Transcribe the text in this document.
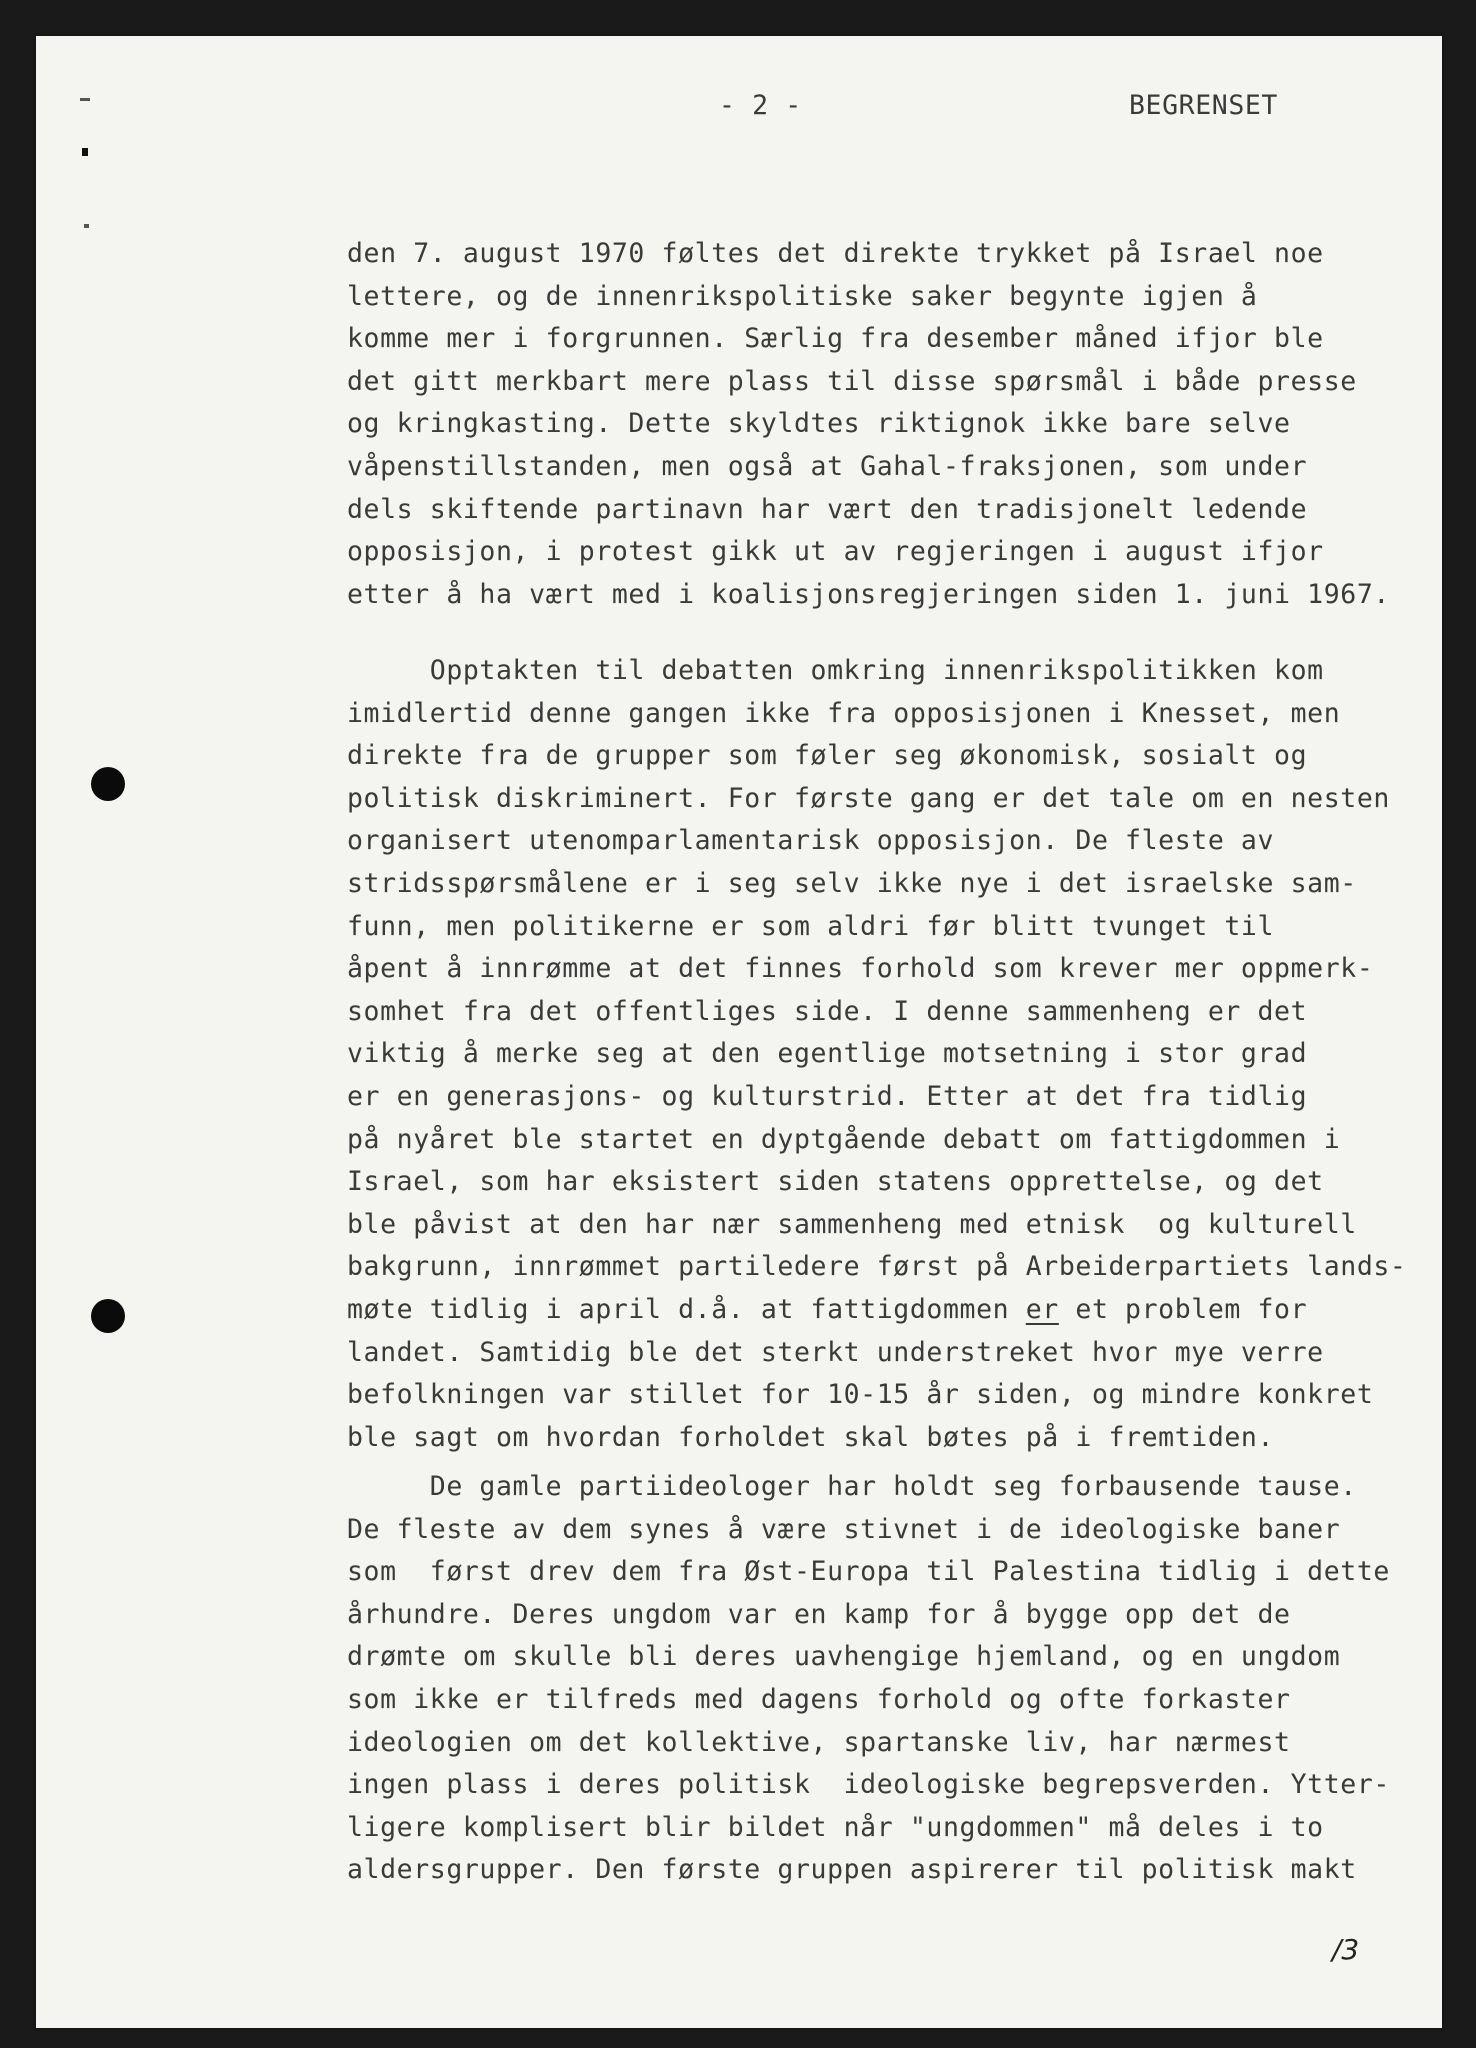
- 2 -	BEGRENSET
den 7. august 1970 føltes det direkte trykket på Israel noe
lettere, og de innenrikspolitiske saker begynte igjen å
komme mer i forgrunnen. Særlig fra desember måned ifjor ble
det gitt merkbart mere plass til disse spørsmål i både presse
og kringkasting. Dette skyldtes riktignok ikke bare selve
våpenstillstanden, men også at Gahal-fraksjonen, som under
dels skiftende partinavn har vært den tradisjonelt ledende
opposisjon, i protest gikk ut av regjeringen i august ifjor
etter å ha vært med i koalisjonsregjeringen siden 1. juni 1967.
Opptakten til debatten omkring innenrikspolitikken kom
imidlertid denne gangen ikke fra opposisjonen i Knesset, men
direkte fra de grupper som føler seg økonomisk, sosialt og
politisk diskriminert. For første gang er det tale om en nesten
organisert utenomparlamentarisk opposisjon. De fleste av
stridsspørsmålene er i seg selv ikke nye i det israelske sam-
funn, men politikerne er som aldri før blitt tvunget til
åpent å innrømme at det finnes forhold som krever mer oppmerk-
somhet fra det offentliges side. I denne sammenheng er det
viktig å merke seg at den egentlige motsetning i stor grad
er en generasjons- og kulturstrid. Etter at det fra tidlig
på nyåret ble startet en dyptgående debatt om fattigdommen i
Israel, som har eksistert siden statens opprettelse, og det
ble påvist at den har nær sammenheng med etnisk  og kulturell
bakgrunn, innrømmet partiledere først på Arbeiderpartiets lands-
møte tidlig i april d.å. at fattigdommen er et problem for
landet. Samtidig ble det sterkt understreket hvor mye verre
befolkningen var stillet for 10-15 år siden, og mindre konkret
ble sagt om hvordan forholdet skal bøtes på i fremtiden.
De gamle partiideologer har holdt seg forbausende tause.
De fleste av dem synes å være stivnet i de ideologiske baner
som  først drev dem fra Øst-Europa til Palestina tidlig i dette
århundre. Deres ungdom var en kamp for å bygge opp det de
drømte om skulle bli deres uavhengige hjemland, og en ungdom
som ikke er tilfreds med dagens forhold og ofte forkaster
ideologien om det kollektive, spartanske liv, har nærmest
ingen plass i deres politisk  ideologiske begrepsverden. Ytter-
ligere komplisert blir bildet når "ungdommen" må deles i to
aldersgrupper. Den første gruppen aspirerer til politisk makt
/3
